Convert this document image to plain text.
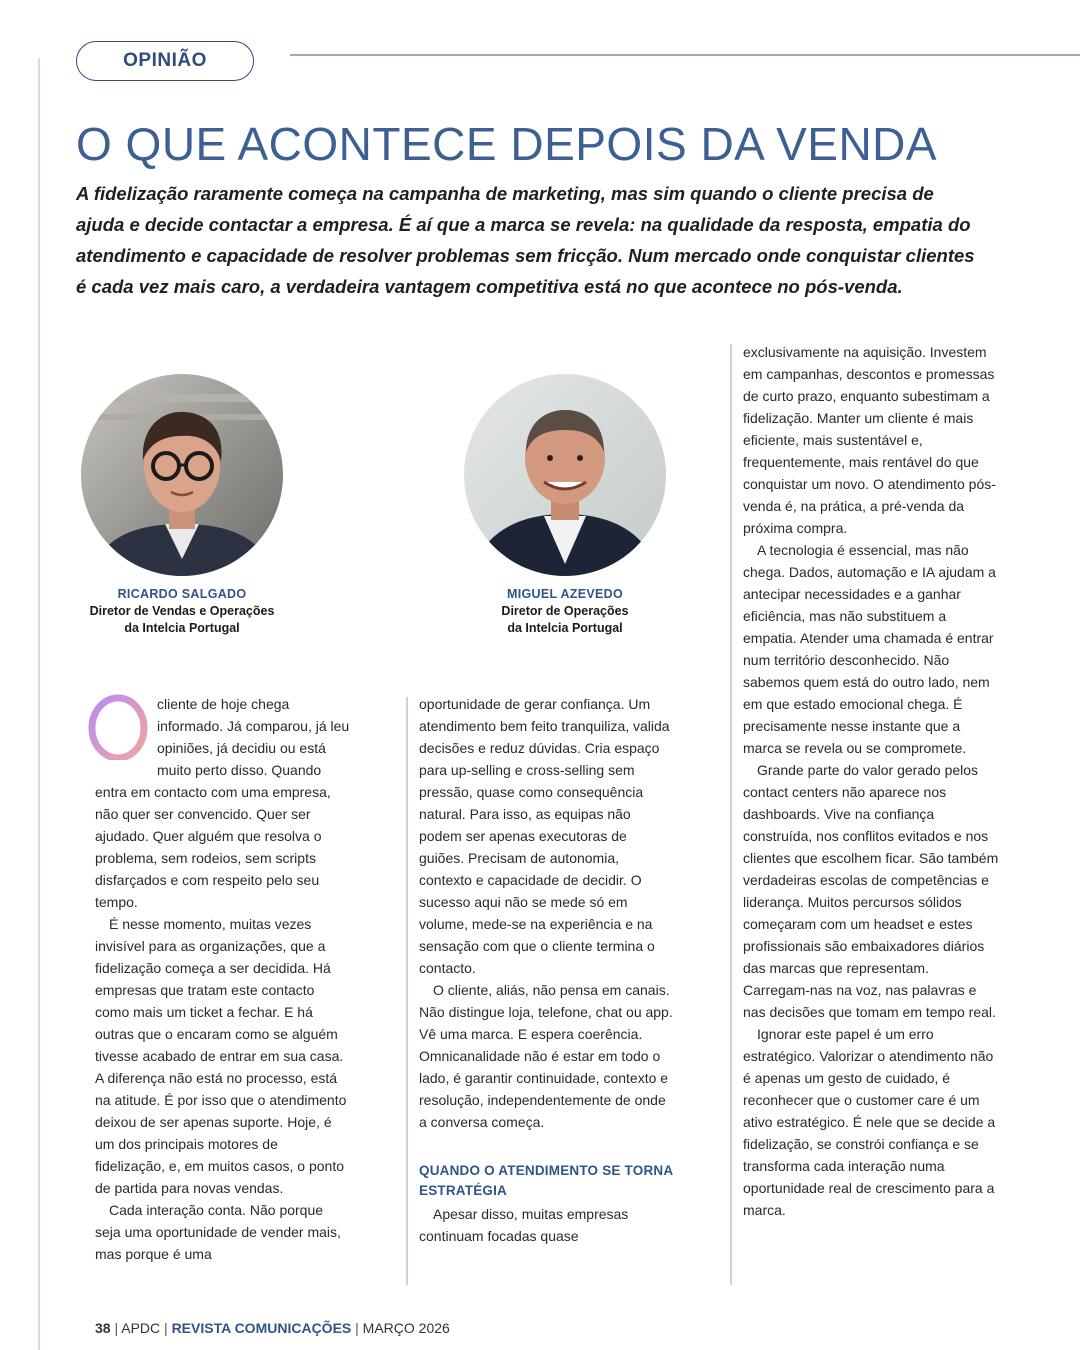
OPINIÃO
O QUE ACONTECE DEPOIS DA VENDA

A fidelização raramente começa na campanha de marketing, mas sim quando o cliente precisa de ajuda e decide contactar a empresa. É aí que a marca se revela: na qualidade da resposta, empatia do atendimento e capacidade de resolver problemas sem fricção. Num mercado onde conquistar clientes é cada vez mais caro, a verdadeira vantagem competitiva está no que acontece no pós-venda.

RICARDO SALGADO
Diretor de Vendas e Operações
da Intelcia Portugal
MIGUEL AZEVEDO
Diretor de Operações
da Intelcia Portugal

cliente de hoje chega informado. Já comparou, já leu opiniões, já decidiu ou está muito perto disso. Quando entra em contacto com uma empresa, não quer ser convencido. Quer ser ajudado. Quer alguém que resolva o problema, sem rodeios, sem scripts disfarçados e com respeito pelo seu tempo.

É nesse momento, muitas vezes invisível para as organizações, que a fidelização começa a ser decidida. Há empresas que tratam este contacto como mais um ticket a fechar. E há outras que o encaram como se alguém tivesse acabado de entrar em sua casa. A diferença não está no processo, está na atitude. É por isso que o atendimento deixou de ser apenas suporte. Hoje, é um dos principais motores de fidelização, e, em muitos casos, o ponto de partida para novas vendas.

Cada interação conta. Não porque seja uma oportunidade de vender mais, mas porque é uma

oportunidade de gerar confiança. Um atendimento bem feito tranquiliza, valida decisões e reduz dúvidas. Cria espaço para up-selling e cross-selling sem pressão, quase como consequência natural. Para isso, as equipas não podem ser apenas executoras de guiões. Precisam de autonomia, contexto e capacidade de decidir. O sucesso aqui não se mede só em volume, mede-se na experiência e na sensação com que o cliente termina o contacto.

O cliente, aliás, não pensa em canais. Não distingue loja, telefone, chat ou app. Vê uma marca. E espera coerência. Omnicanalidade não é estar em todo o lado, é garantir continuidade, contexto e resolução, independentemente de onde a conversa começa.

QUANDO O ATENDIMENTO SE TORNA ESTRATÉGIA

Apesar disso, muitas empresas continuam focadas quase

exclusivamente na aquisição. Investem em campanhas, descontos e promessas de curto prazo, enquanto subestimam a fidelização. Manter um cliente é mais eficiente, mais sustentável e, frequentemente, mais rentável do que conquistar um novo. O atendimento pós-venda é, na prática, a pré-venda da próxima compra.

A tecnologia é essencial, mas não chega. Dados, automação e IA ajudam a antecipar necessidades e a ganhar eficiência, mas não substituem a empatia. Atender uma chamada é entrar num território desconhecido. Não sabemos quem está do outro lado, nem em que estado emocional chega. É precisamente nesse instante que a marca se revela ou se compromete.

Grande parte do valor gerado pelos contact centers não aparece nos dashboards. Vive na confiança construída, nos conflitos evitados e nos clientes que escolhem ficar. São também verdadeiras escolas de competências e liderança. Muitos percursos sólidos começaram com um headset e estes profissionais são embaixadores diários das marcas que representam. Carregam-nas na voz, nas palavras e nas decisões que tomam em tempo real.

Ignorar este papel é um erro estratégico. Valorizar o atendimento não é apenas um gesto de cuidado, é reconhecer que o customer care é um ativo estratégico. É nele que se decide a fidelização, se constrói confiança e se transforma cada interação numa oportunidade real de crescimento para a marca.

38 | APDC | REVISTA COMUNICAÇÕES | MARÇO 2026
